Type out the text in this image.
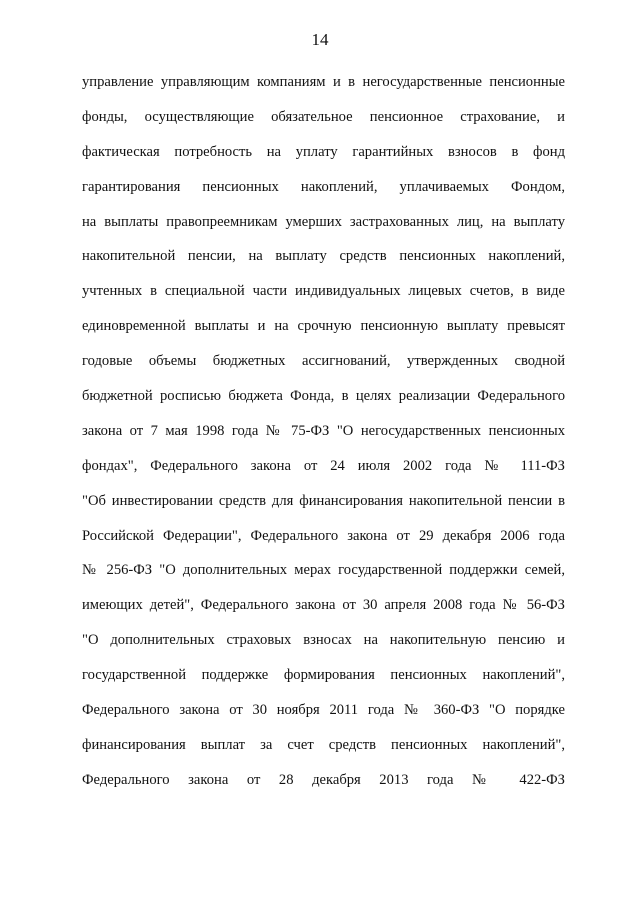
14
управление управляющим компаниям и в негосударственные пенсионные
фонды, осуществляющие обязательное пенсионное страхование, и
фактическая потребность на уплату гарантийных взносов в фонд
гарантирования пенсионных накоплений, уплачиваемых Фондом,
на выплаты правопреемникам умерших застрахованных лиц, на выплату
накопительной пенсии, на выплату средств пенсионных накоплений,
учтенных в специальной части индивидуальных лицевых счетов, в виде
единовременной выплаты и на срочную пенсионную выплату превысят
годовые объемы бюджетных ассигнований, утвержденных сводной
бюджетной росписью бюджета Фонда, в целях реализации Федерального
закона от 7 мая 1998 года № 75-ФЗ "О негосударственных пенсионных
фондах", Федерального закона от 24 июля 2002 года № 111-ФЗ
"Об инвестировании средств для финансирования накопительной пенсии в
Российской Федерации", Федерального закона от 29 декабря 2006 года
№ 256-ФЗ "О дополнительных мерах государственной поддержки семей,
имеющих детей", Федерального закона от 30 апреля 2008 года № 56-ФЗ
"О дополнительных страховых взносах на накопительную пенсию и
государственной поддержке формирования пенсионных накоплений",
Федерального закона от 30 ноября 2011 года № 360-ФЗ "О порядке
финансирования выплат за счет средств пенсионных накоплений",
Федерального закона от 28 декабря 2013 года № 422-ФЗ
